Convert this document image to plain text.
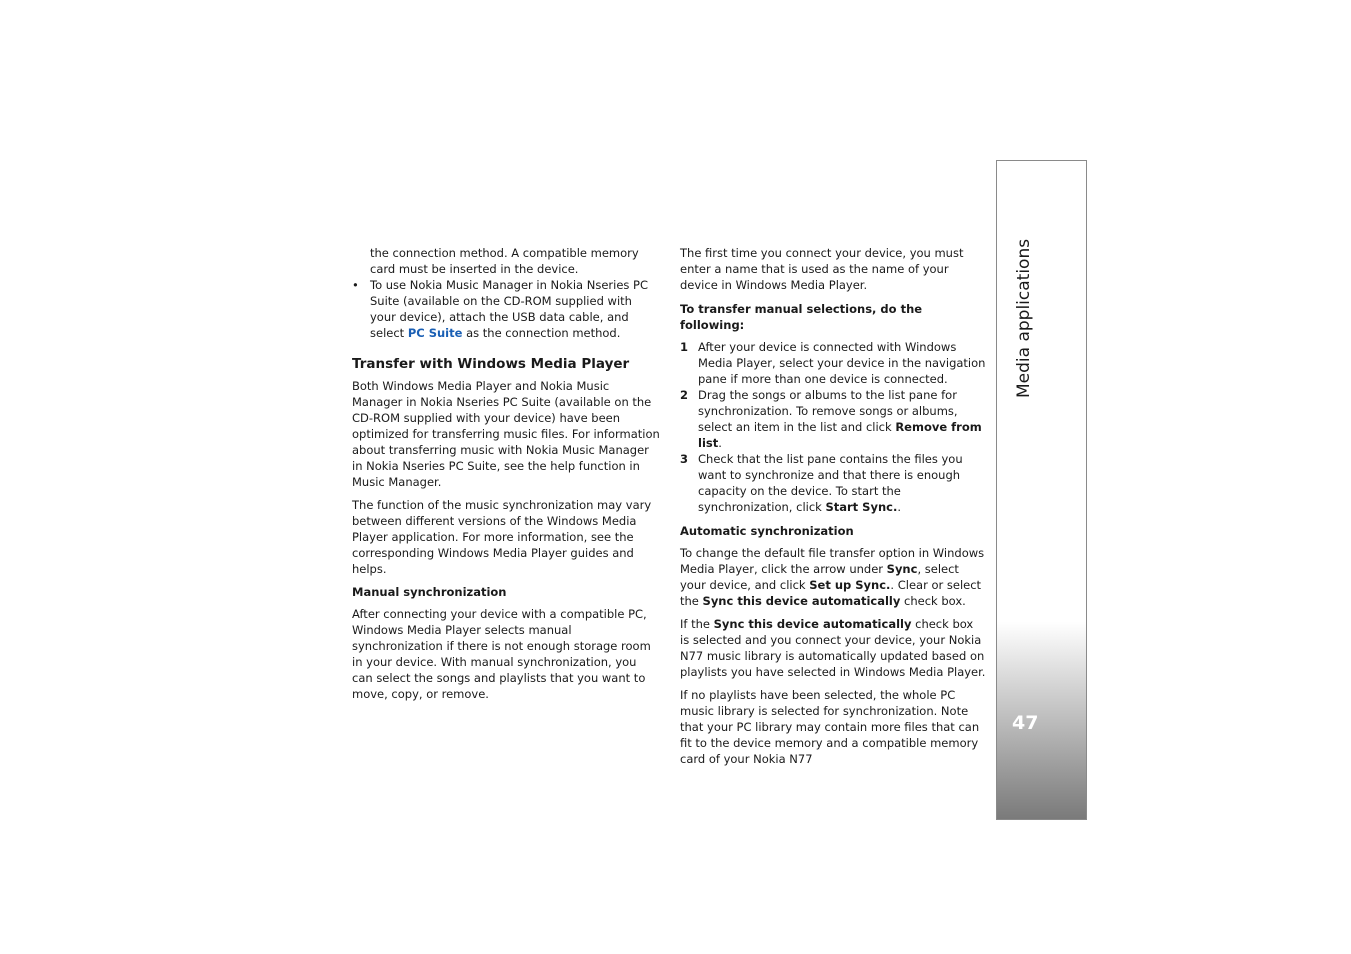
the connection method. A compatible memory card must be inserted in the device.

• To use Nokia Music Manager in Nokia Nseries PC Suite (available on the CD-ROM supplied with your device), attach the USB data cable, and select PC Suite as the connection method.
Transfer with Windows Media Player

Both Windows Media Player and Nokia Music Manager in Nokia Nseries PC Suite (available on the CD-ROM supplied with your device) have been optimized for transferring music files. For information about transferring music with Nokia Music Manager in Nokia Nseries PC Suite, see the help function in Music Manager.

The function of the music synchronization may vary between different versions of the Windows Media Player application. For more information, see the corresponding Windows Media Player guides and helps.

Manual synchronization

After connecting your device with a compatible PC, Windows Media Player selects manual synchronization if there is not enough storage room in your device. With manual synchronization, you can select the songs and playlists that you want to move, copy, or remove.

The first time you connect your device, you must enter a name that is used as the name of your device in Windows Media Player.

To transfer manual selections, do the following:
1 After your device is connected with Windows Media Player, select your device in the navigation pane if more than one device is connected.
2 Drag the songs or albums to the list pane for synchronization. To remove songs or albums, select an item in the list and click Remove from list.
3 Check that the list pane contains the files you want to synchronize and that there is enough capacity on the device. To start the synchronization, click Start Sync..
Automatic synchronization

To change the default file transfer option in Windows Media Player, click the arrow under Sync, select your device, and click Set up Sync.. Clear or select the Sync this device automatically check box.

If the Sync this device automatically check box is selected and you connect your device, your Nokia N77 music library is automatically updated based on playlists you have selected in Windows Media Player.

If no playlists have been selected, the whole PC music library is selected for synchronization. Note that your PC library may contain more files that can fit to the device memory and a compatible memory card of your Nokia N77

Media applications
47
